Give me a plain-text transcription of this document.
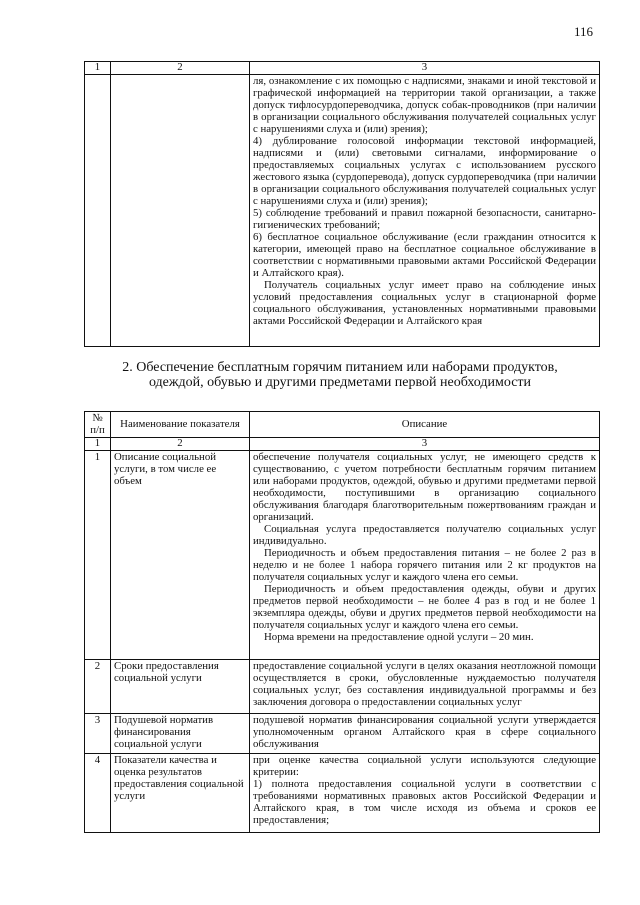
116
1	2	3

		ля, ознакомление с их помощью с надписями, знаками и иной текстовой и графической информацией на территории такой организации, а также допуск тифлосурдопереводчика, допуск собак-проводников (при наличии в организации социального обслуживания получателей социальных услуг с нарушениями слуха и (или) зрения);

4) дублирование голосовой информации текстовой информацией, надписями и (или) световыми сигналами, информирование о предоставляемых социальных услугах с использованием русского жестового языка (сурдоперевода), допуск сурдопереводчика (при наличии в организации социального обслуживания получателей социальных услуг с нарушениями слуха и (или) зрения);

5) соблюдение требований и правил пожарной безопасности, санитарно-гигиенических требований;

6) бесплатное социальное обслуживание (если гражданин относится к категории, имеющей право на бесплатное социальное обслуживание в соответствии с нормативными правовыми актами Российской Федерации и Алтайского края).

Получатель социальных услуг имеет право на соблюдение иных условий предоставления социальных услуг в стационарной форме социального обслуживания, установленных нормативными правовыми актами Российской Федерации и Алтайского края

2. Обеспечение бесплатным горячим питанием или наборами продуктов, одеждой, обувью и другими предметами первой необходимости
№ п/п	Наименование показателя	Описание
1	2	3
1	Описание социальной услуги, в том числе ее объем	обеспечение получателя социальных услуг, не имеющего средств к существованию, с учетом потребности бесплатным горячим питанием или наборами продуктов, одеждой, обувью и другими предметами первой необходимости, поступившими в организацию социального обслуживания благодаря благотворительным пожертвованиям граждан и организаций.

Социальная услуга предоставляется получателю социальных услуг индивидуально.

Периодичность и объем предоставления питания – не более 2 раз в неделю и не более 1 набора горячего питания или 2 кг продуктов на получателя социальных услуг и каждого члена его семьи.

Периодичность и объем предоставления одежды, обуви и других предметов первой необходимости – не более 4 раз в год и не более 1 экземпляра одежды, обуви и других предметов первой необходимости на получателя социальных услуг и каждого члена его семьи.

Норма времени на предоставление одной услуги – 20 мин.

2	Сроки предоставления социальной услуги	предоставление социальной услуги в целях оказания неотложной помощи осуществляется в сроки, обусловленные нуждаемостью получателя социальных услуг, без составления индивидуальной программы и без заключения договора о предоставлении социальных услуг

3	Подушевой норматив финансирования социальной услуги	подушевой норматив финансирования социальной услуги утверждается уполномоченным органом Алтайского края в сфере социального обслуживания

4	Показатели качества и оценка результатов предоставления социальной услуги	при оценке качества социальной услуги используются следующие критерии:

1) полнота предоставления социальной услуги в соответствии с требованиями нормативных правовых актов Российской Федерации и Алтайского края, в том числе исходя из объема и сроков ее предоставления;
